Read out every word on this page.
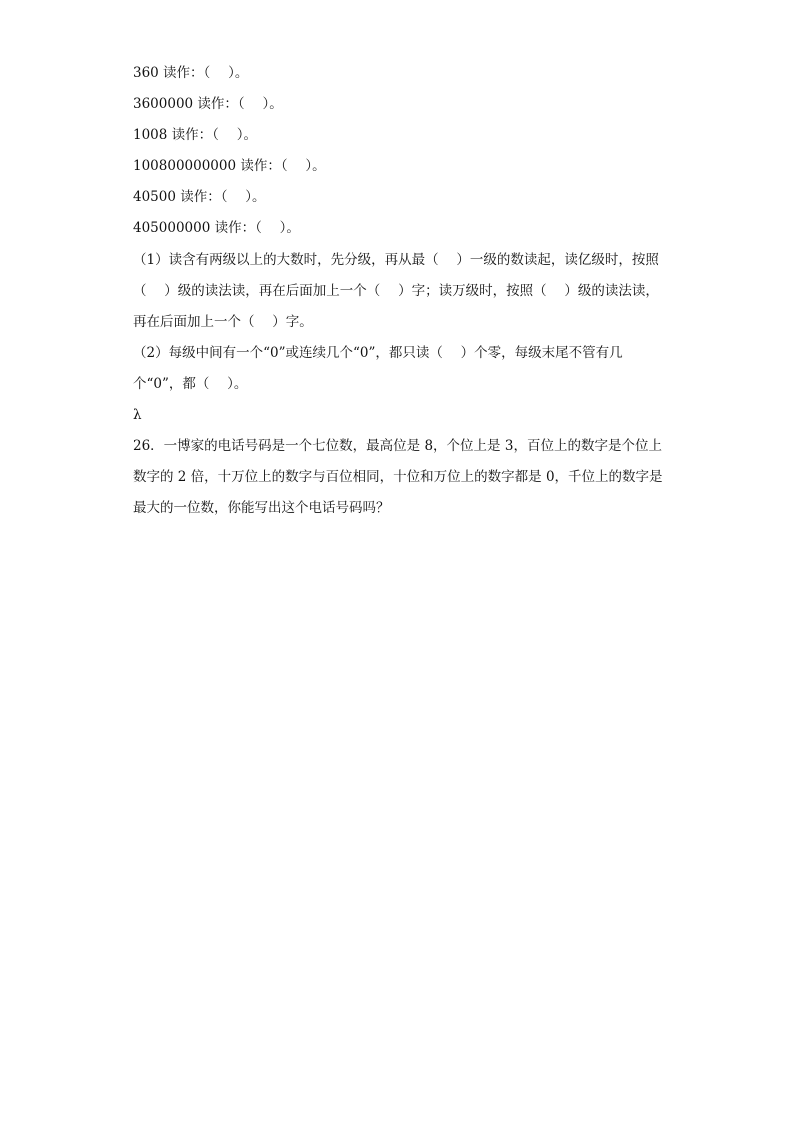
360 读作：（　 ）。
3600000 读作：（　 ）。
1008 读作：（　 ）。
100800000000 读作：（　 ）。
40500 读作：（　 ）。
405000000 读作：（　 ）。
（1）读含有两级以上的大数时，先分级，再从最（　 ）一级的数读起，读亿级时，按照（　 ）级的读法读，再在后面加上一个（　 ）字；读万级时，按照（　 ）级的读法读，再在后面加上一个（　 ）字。
（2）每级中间有一个“0”或连续几个“0”，都只读（　 ）个零，每级末尾不管有几个“0”，都（　 ）。
λ
26．一博家的电话号码是一个七位数，最高位是 8，个位上是 3，百位上的数字是个位上数字的 2 倍，十万位上的数字与百位相同，十位和万位上的数字都是 0，千位上的数字是最大的一位数，你能写出这个电话号码吗？
